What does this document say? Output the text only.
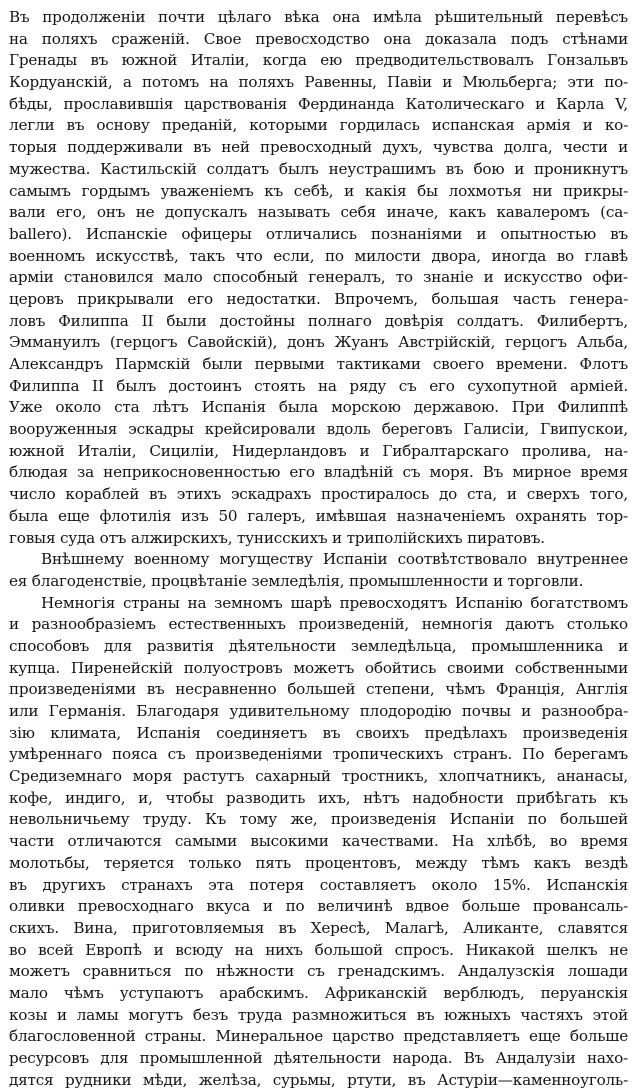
Въ продолженіи почти цѣлаго вѣка она имѣла рѣшительный перевѣсъ
на поляхъ сраженій. Свое превосходство она доказала подъ стѣнами
Гренады въ южной Италіи, когда ею предводительствовалъ Гонзальвъ
Кордуанскій, а потомъ на поляхъ Равенны, Павіи и Мюльберга; эти по-
бѣды, прославившія царствованія Фердинанда Католическаго и Карла V,
легли въ основу преданій, которыми гордилась испанская армія и ко-
торыя поддерживали въ ней превосходный духъ, чувства долга, чести и
мужества. Кастильскій солдатъ былъ неустрашимъ въ бою и проникнутъ
самымъ гордымъ уваженіемъ къ себѣ, и какія бы лохмотья ни прикры-
вали его, онъ не допускалъ называть себя иначе, какъ кавалеромъ (ca-
ballero). Испанскіе офицеры отличались познаніями и опытностью въ
военномъ искусствѣ, такъ что если, по милости двора, иногда во главѣ
арміи становился мало способный генералъ, то знаніе и искусство офи-
церовъ прикрывали его недостатки. Впрочемъ, большая часть генера-
ловъ Филиппа II были достойны полнаго довѣрія солдатъ. Филибертъ,
Эммануилъ (герцогъ Савойскій), донъ Жуанъ Австрійскій, герцогъ Альба,
Александръ Пармскій были первыми тактиками своего времени. Флотъ
Филиппа II былъ достоинъ стоять на ряду съ его сухопутной арміей.
Уже около ста лѣтъ Испанія была морскою державою. При Филиппѣ
вооруженныя эскадры крейсировали вдоль береговъ Галисіи, Гвипускои,
южной Италіи, Сициліи, Нидерландовъ и Гибралтарскаго пролива, на-
блюдая за неприкосновенностью его владѣній съ моря. Въ мирное время
число кораблей въ этихъ эскадрахъ простиралось до ста, и сверхъ того,
была еще флотилія изъ 50 галеръ, имѣвшая назначеніемъ охранять тор-
говыя суда отъ алжирскихъ, тунисскихъ и триполійскихъ пиратовъ.
Внѣшнему военному могуществу Испаніи соотвѣтствовало внутреннее
ея благоденствіе, процвѣтаніе земледѣлія, промышленности и торговли.
Немногія страны на земномъ шарѣ превосходятъ Испанію богатствомъ
и разнообразіемъ естественныхъ произведеній, немногія даютъ столько
способовъ для развитія дѣятельности земледѣльца, промышленника и
купца. Пиренейскій полуостровъ можетъ обойтись своими собственными
произведеніями въ несравненно большей степени, чѣмъ Франція, Англія
или Германія. Благодаря удивительному плодородію почвы и разнообра-
зію климата, Испанія соединяетъ въ своихъ предѣлахъ произведенія
умѣреннаго пояса съ произведеніями тропическихъ странъ. По берегамъ
Средиземнаго моря растутъ сахарный тростникъ, хлопчатникъ, ананасы,
кофе, индиго, и, чтобы разводить ихъ, нѣтъ надобности прибѣгать къ
невольничьему труду. Къ тому же, произведенія Испаніи по большей
части отличаются самыми высокими качествами. На хлѣбѣ, во время
молотьбы, теряется только пять процентовъ, между тѣмъ какъ вездѣ
въ другихъ странахъ эта потеря составляетъ около 15%. Испанскія
оливки превосходнаго вкуса и по величинѣ вдвое больше провансаль-
скихъ. Вина, приготовляемыя въ Хересѣ, Малагѣ, Аликанте, славятся
во всей Европѣ и всюду на нихъ большой спросъ. Никакой шелкъ не
можетъ сравниться по нѣжности съ гренадскимъ. Андалузскія лошади
мало чѣмъ уступаютъ арабскимъ. Африканскій верблюдъ, перуанскія
козы и ламы могутъ безъ труда размножиться въ южныхъ частяхъ этой
благословенной страны. Минеральное царство представляетъ еще больше
ресурсовъ для промышленной дѣятельности народа. Въ Андалузіи нахо-
дятся рудники мѣди, желѣза, сурьмы, ртути, въ Астуріи—каменноуголь-
